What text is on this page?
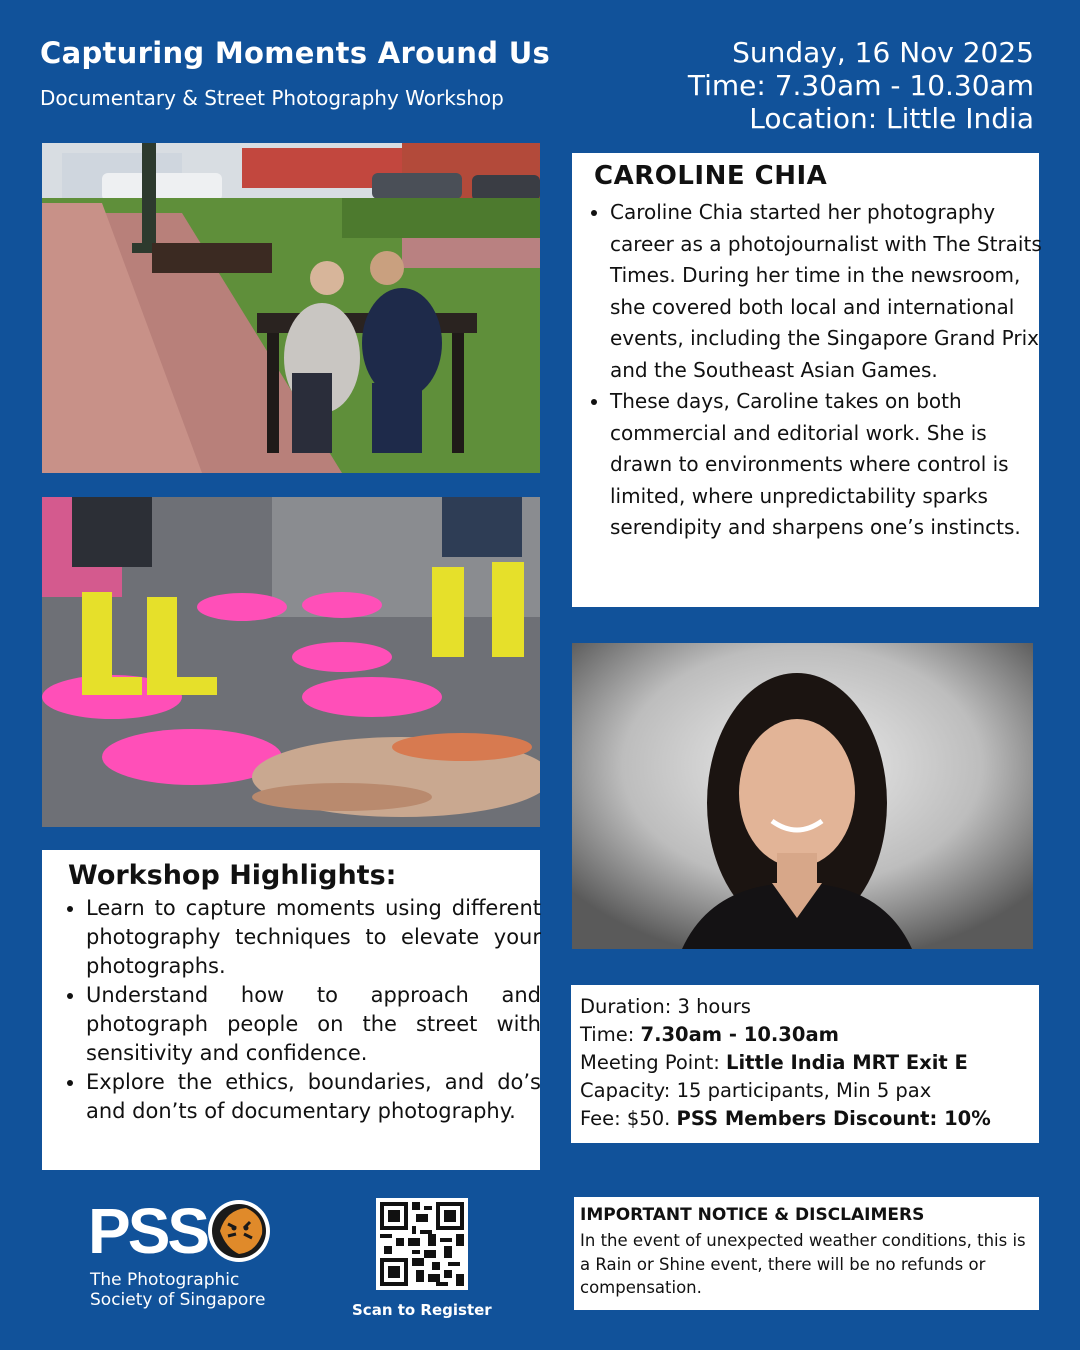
Capturing Moments Around Us
Documentary & Street Photography Workshop
Sunday, 16 Nov 2025
Time: 7.30am - 10.30am
Location: Little India
CAROLINE CHIA
• Caroline Chia started her photography career as a photojournalist with The Straits Times. During her time in the newsroom, she covered both local and international events, including the Singapore Grand Prix and the Southeast Asian Games.
• These days, Caroline takes on both commercial and editorial work. She is drawn to environments where control is limited, where unpredictability sparks serendipity and sharpens one’s instincts.
Workshop Highlights:
• Learn to capture moments using different photography techniques to elevate your photographs.
• Understand how to approach and photograph people on the street with sensitivity and confidence.
• Explore the ethics, boundaries, and do’s and don’ts of documentary photography.
Duration: 3 hours
Time: 7.30am - 10.30am
Meeting Point: Little India MRT Exit E
Capacity: 15 participants, Min 5 pax
Fee: $50. PSS Members Discount: 10%
IMPORTANT NOTICE & DISCLAIMERS
In the event of unexpected weather conditions, this is a Rain or Shine event, there will be no refunds or compensation.
PSS
The Photographic
Society of Singapore	Scan to Register
